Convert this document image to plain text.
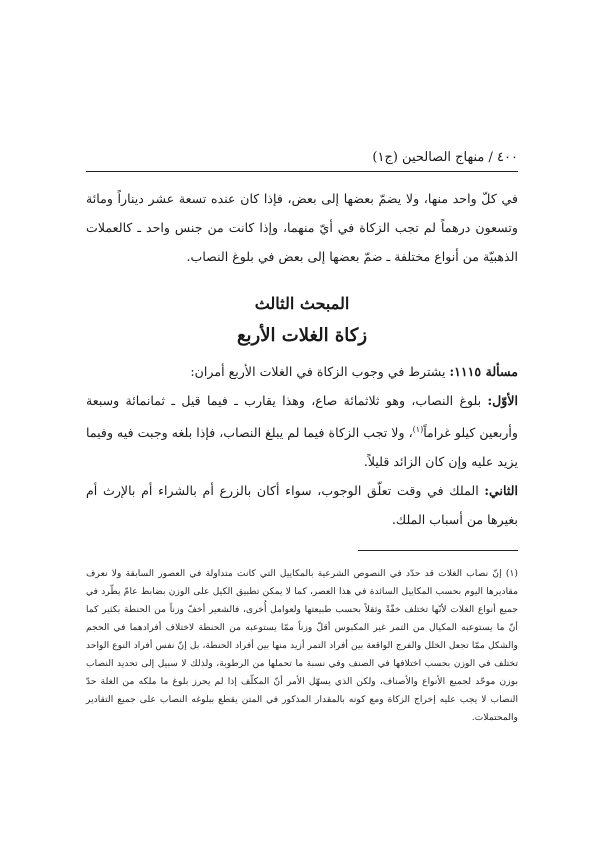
٤٠٠ / منهاج الصالحين (ج١)

في كلّ واحد منها، ولا يضمّ بعضها إلى بعض، فإذا كان عنده تسعة عشر ديناراً ومائة وتسعون درهماً لم تجب الزكاة في أيّ منهما، وإذا كانت من جنس واحد ـ كالعملات الذهبيّة من أنواع مختلفة ـ ضمّ بعضها إلى بعض في بلوغ النصاب.

المبحث الثالث

زكاة الغلات الأربع

مسألة ١١١٥: يشترط في وجوب الزكاة في الغلات الأربع أمران:

الأوّل: بلوغ النصاب، وهو ثلاثمائة صاع، وهذا يقارب ـ فيما قيل ـ ثمانمائة وسبعة وأربعين كيلو غراماً$^{(١)}$، ولا تجب الزكاة فيما لم يبلغ النصاب، فإذا بلغه وجبت فيه وفيما يزيد عليه وإن كان الزائد قليلاً.

الثاني: الملك في وقت تعلّق الوجوب، سواء أكان بالزرع أم بالشراء أم بالإرث أم بغيرها من أسباب الملك.

(١) إنّ نصاب الغلات قد حدّد في النصوص الشرعية بالمكاييل التي كانت متداولة في العصور السابقة ولا نعرف مقاديرها اليوم بحسب المكاييل السائدة في هذا العصر، كما لا يمكن تطبيق الكيل على الوزن بضابط عامّ يطّرد في جميع أنواع الغلات لأنّها تختلف خفّةً وثقلاً بحسب طبيعتها ولعوامل أُخرى، فالشعير أخفّ وزناً من الحنطة بكثير كما أنّ ما يستوعبه المكيال من التمر غير المكبوس أقلّ وزناً ممّا يستوعبه من الحنطة لاختلاف أفرادهما في الحجم والشكل ممّا تجعل الخلل والفرج الواقعة بين أفراد التمر أزيد منها بين أفراد الحنطة، بل إنّ نفس أفراد النوع الواحد تختلف في الوزن بحسب اختلافها في الصنف وفي نسبة ما تحملها من الرطوبة، ولذلك لا سبيل إلى تحديد النصاب بوزن موحّد لجميع الأنواع والأصناف، ولكن الذي يسهّل الأمر أنّ المكلّف إذا لم يحرز بلوغ ما ملكه من الغلة حدّ النصاب لا يجب عليه إخراج الزكاة ومع كونه بالمقدار المذكور في المتن يقطع ببلوغه النصاب على جميع التقادير والمحتملات.
